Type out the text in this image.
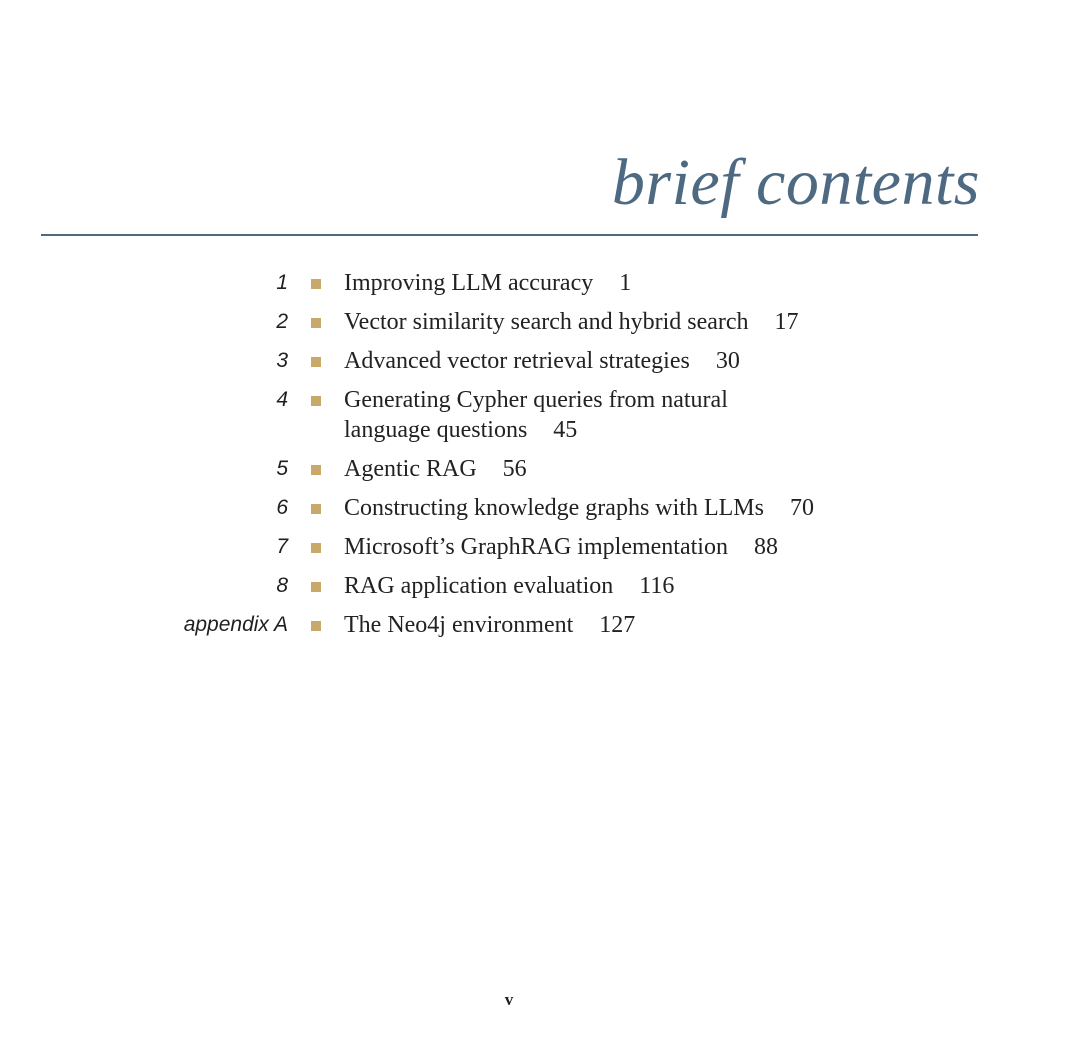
brief contents
1 Improving LLM accuracy 1
2 Vector similarity search and hybrid search 17
3 Advanced vector retrieval strategies 30
4 Generating Cypher queries from natural language questions 45
5 Agentic RAG 56
6 Constructing knowledge graphs with LLMs 70
7 Microsoft’s GraphRAG implementation 88
8 RAG application evaluation 116
appendix A The Neo4j environment 127
v
